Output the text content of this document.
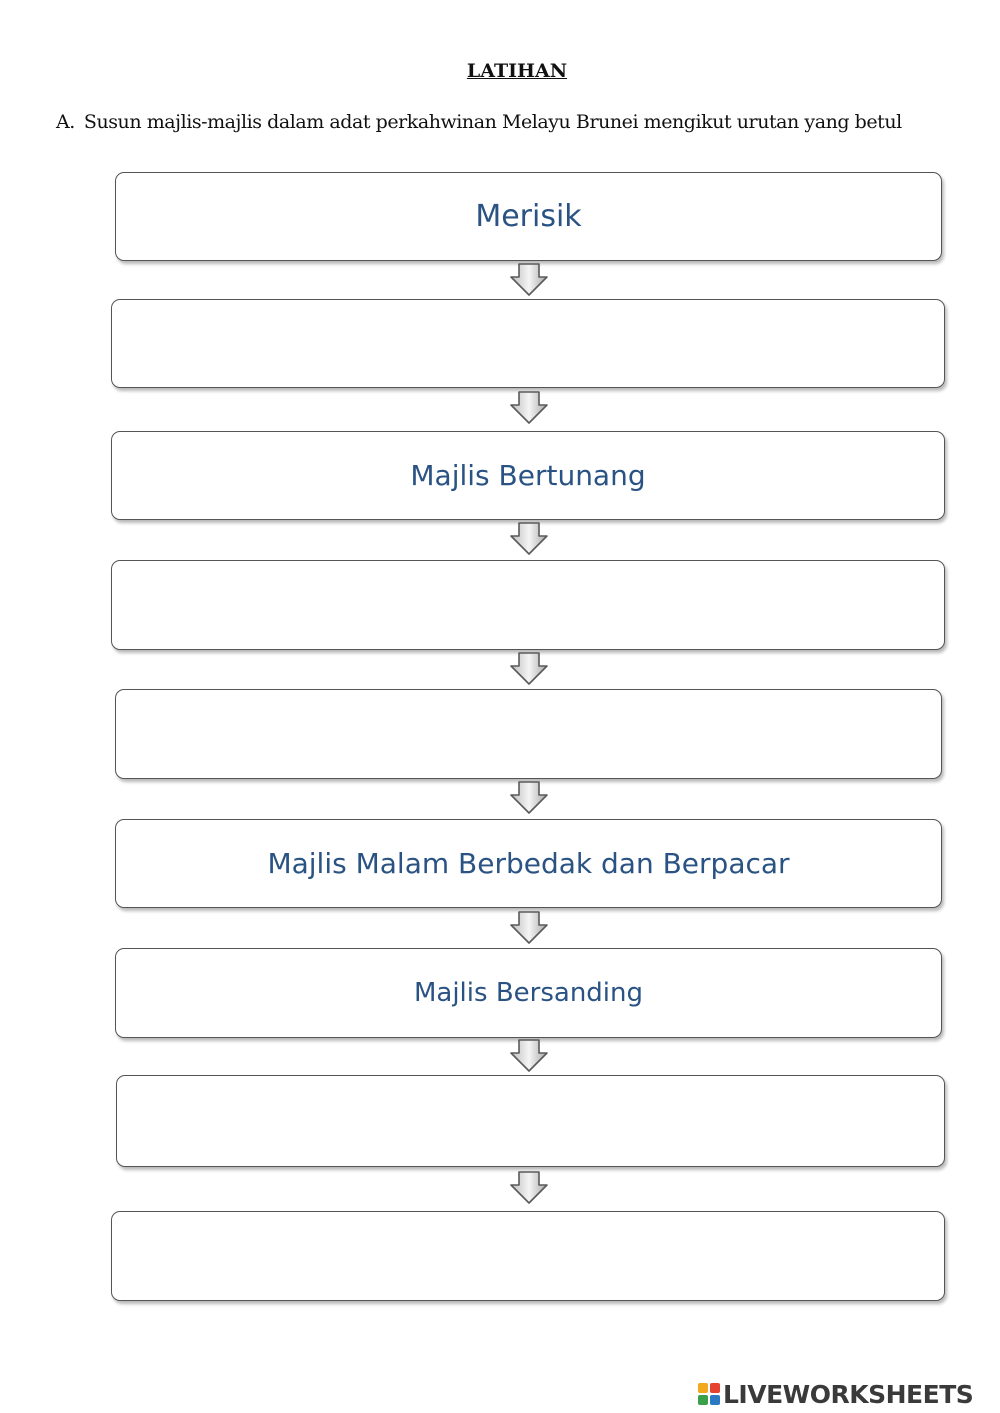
LATIHAN
A. Susun majlis-majlis dalam adat perkahwinan Melayu Brunei mengikut urutan yang betul
Merisik
Majlis Bertunang
Majlis Malam Berbedak dan Berpacar
Majlis Bersanding
LIVEWORKSHEETS
